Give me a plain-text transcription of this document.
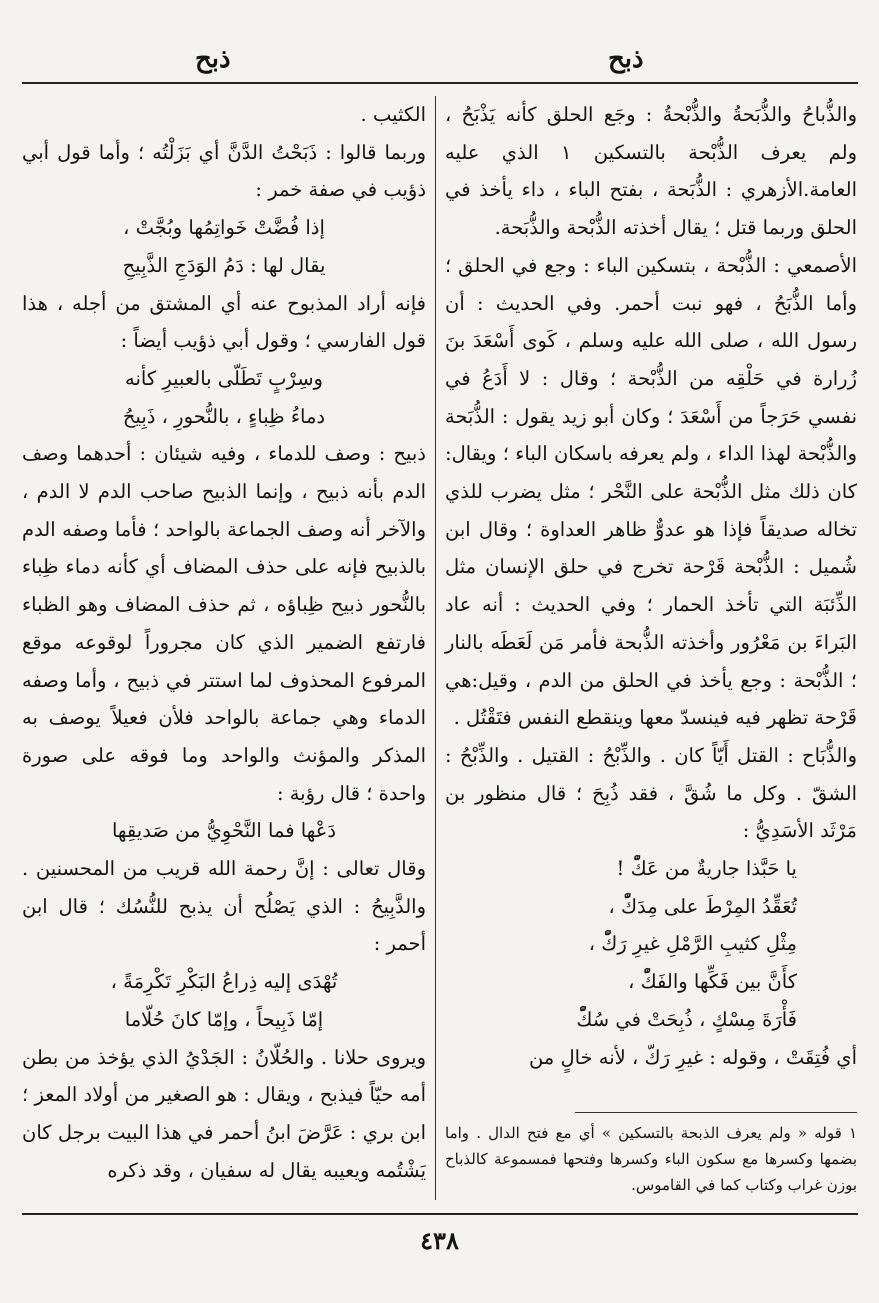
ذبح
ذبح

والذُّباحُ والذُّبَحةُ والذُّبْحةُ : وجَع الحلق كأنه يَذْبَحُ ، ولم يعرف الذُّبْحة بالتسكين ١ الذي عليه العامة.الأزهري : الذُّبَحة ، بفتح الباء ، داء يأخذ في الحلق وربما قتل ؛ يقال أخذته الذُّبْحة والذُّبَحة.

الأصمعي : الذُّبْحة ، بتسكين الباء : وجع في الحلق ؛ وأما الذُّبَحُ ، فهو نبت أحمر. وفي الحديث : أن رسول الله ، صلى الله عليه وسلم ، كَوى أَسْعَدَ بنَ زُرارة في حَلْقِه من الذُّبْحة ؛ وقال : لا أَدَعُ في نفسي حَرَجاً من أَسْعَدَ ؛ وكان أبو زيد يقول : الذُّبَحة والذُّبْحة لهذا الداء ، ولم يعرفه باسكان الباء ؛ ويقال: كان ذلك مثل الذُّبْحة على النَّحْر ؛ مثل يضرب للذي تخاله صديقاً فإذا هو عدوٌّ ظاهر العداوة ؛ وقال ابن شُميل : الذُّبْحة قَرْحة تخرج في حلق الإنسان مثل الذِّئبَة التي تأخذ الحمار ؛ وفي الحديث : أنه عاد البَراءَ بن مَعْرُور وأخذته الذُّبحة فأمر مَن لَعَطَه بالنار ؛ الذُّبْحة : وجع يأخذ في الحلق من الدم ، وقيل:هي قَرْحة تظهر فيه فينسدّ معها وينقطع النفس فتَقْتُل .

والذُّبَاح : القتل أَيّاً كان . والذِّبْحُ : القتيل . والذِّبْحُ : الشقّ . وكل ما شُقَّ ، فقد ذُبِحَ ؛ قال منظور بن مَرْثَد الأسَدِيُّ :

يا حَبَّذا جاريةٌ من عَكّْ !

تُعَقِّدُ المِرْطَ على مِدَكّْ ،

مِثْلِ كثيبِ الرَّمْلِ غيرِ رَكّْ ،

كأَنَّ بين فَكِّها والفَكّْ ،

فَأْرَةَ مِسْكٍ ، ذُبِحَتْ في سُكّْ

أي فُتِقَتْ ، وقوله : غيرِ رَكّ ، لأنه خالٍ من

الكثيب .

وربما قالوا : ذَبَحْتُ الدَّنَّ أي بَزَلْتُه ؛ وأما قول أبي ذؤيب في صفة خمر :

إذا فُضَّتْ خَواتِمُها وبُجَّتْ ،

يقال لها : دَمُ الوَدَجِ الذَّبِيحِ

فإنه أراد المذبوح عنه أي المشتق من أجله ، هذا قول الفارسي ؛ وقول أبي ذؤيب أيضاً :

وسِرْبٍ تَطَلّى بالعبيرِ كأنه

دماءُ ظِباءٍ ، بالنُّحورِ ، ذَبِيحُ

ذبيح : وصف للدماء ، وفيه شيئان : أحدهما وصف الدم بأنه ذبيح ، وإنما الذبيح صاحب الدم لا الدم ، والآخر أنه وصف الجماعة بالواحد ؛ فأما وصفه الدم بالذبيح فإنه على حذف المضاف أي كأنه دماء ظِباء بالنُّحور ذبيح ظِباؤه ، ثم حذف المضاف وهو الظباء فارتفع الضمير الذي كان مجروراً لوقوعه موقع المرفوع المحذوف لما استتر في ذبيح ، وأما وصفه الدماء وهي جماعة بالواحد فلأن فعيلاً يوصف به المذكر والمؤنث والواحد وما فوقه على صورة واحدة ؛ قال رؤبة :

دَعْها فما النَّحْوِيُّ من صَديقِها

وقال تعالى : إنَّ رحمة الله قريب من المحسنين . والذَّبِيحُ : الذي يَصْلُح أن يذبح للنُّسُك ؛ قال ابن أحمر :

تُهْدَى إليه ذِراعُ البَكْرِ تَكْرِمَةً ،

إمّا ذَبِيحاً ، وإمّا كانَ حُلّاما

ويروى حلانا . والحُلّانُ : الجَدْيُ الذي يؤخذ من بطن أمه حيّاً فيذبح ، ويقال : هو الصغير من أولاد المعز ؛ ابن بري : عَرَّضَ ابنُ أحمر في هذا البيت برجل كان يَشْتُمه ويعيبه يقال له سفيان ، وقد ذكره

١ قوله « ولم يعرف الذبحة بالتسكين » أي مع فتح الدال . واما بضمها وكسرها مع سكون الباء وكسرها وفتحها فمسموعة كالذباح بوزن غراب وكتاب كما في القاموس.
٤٣٨
